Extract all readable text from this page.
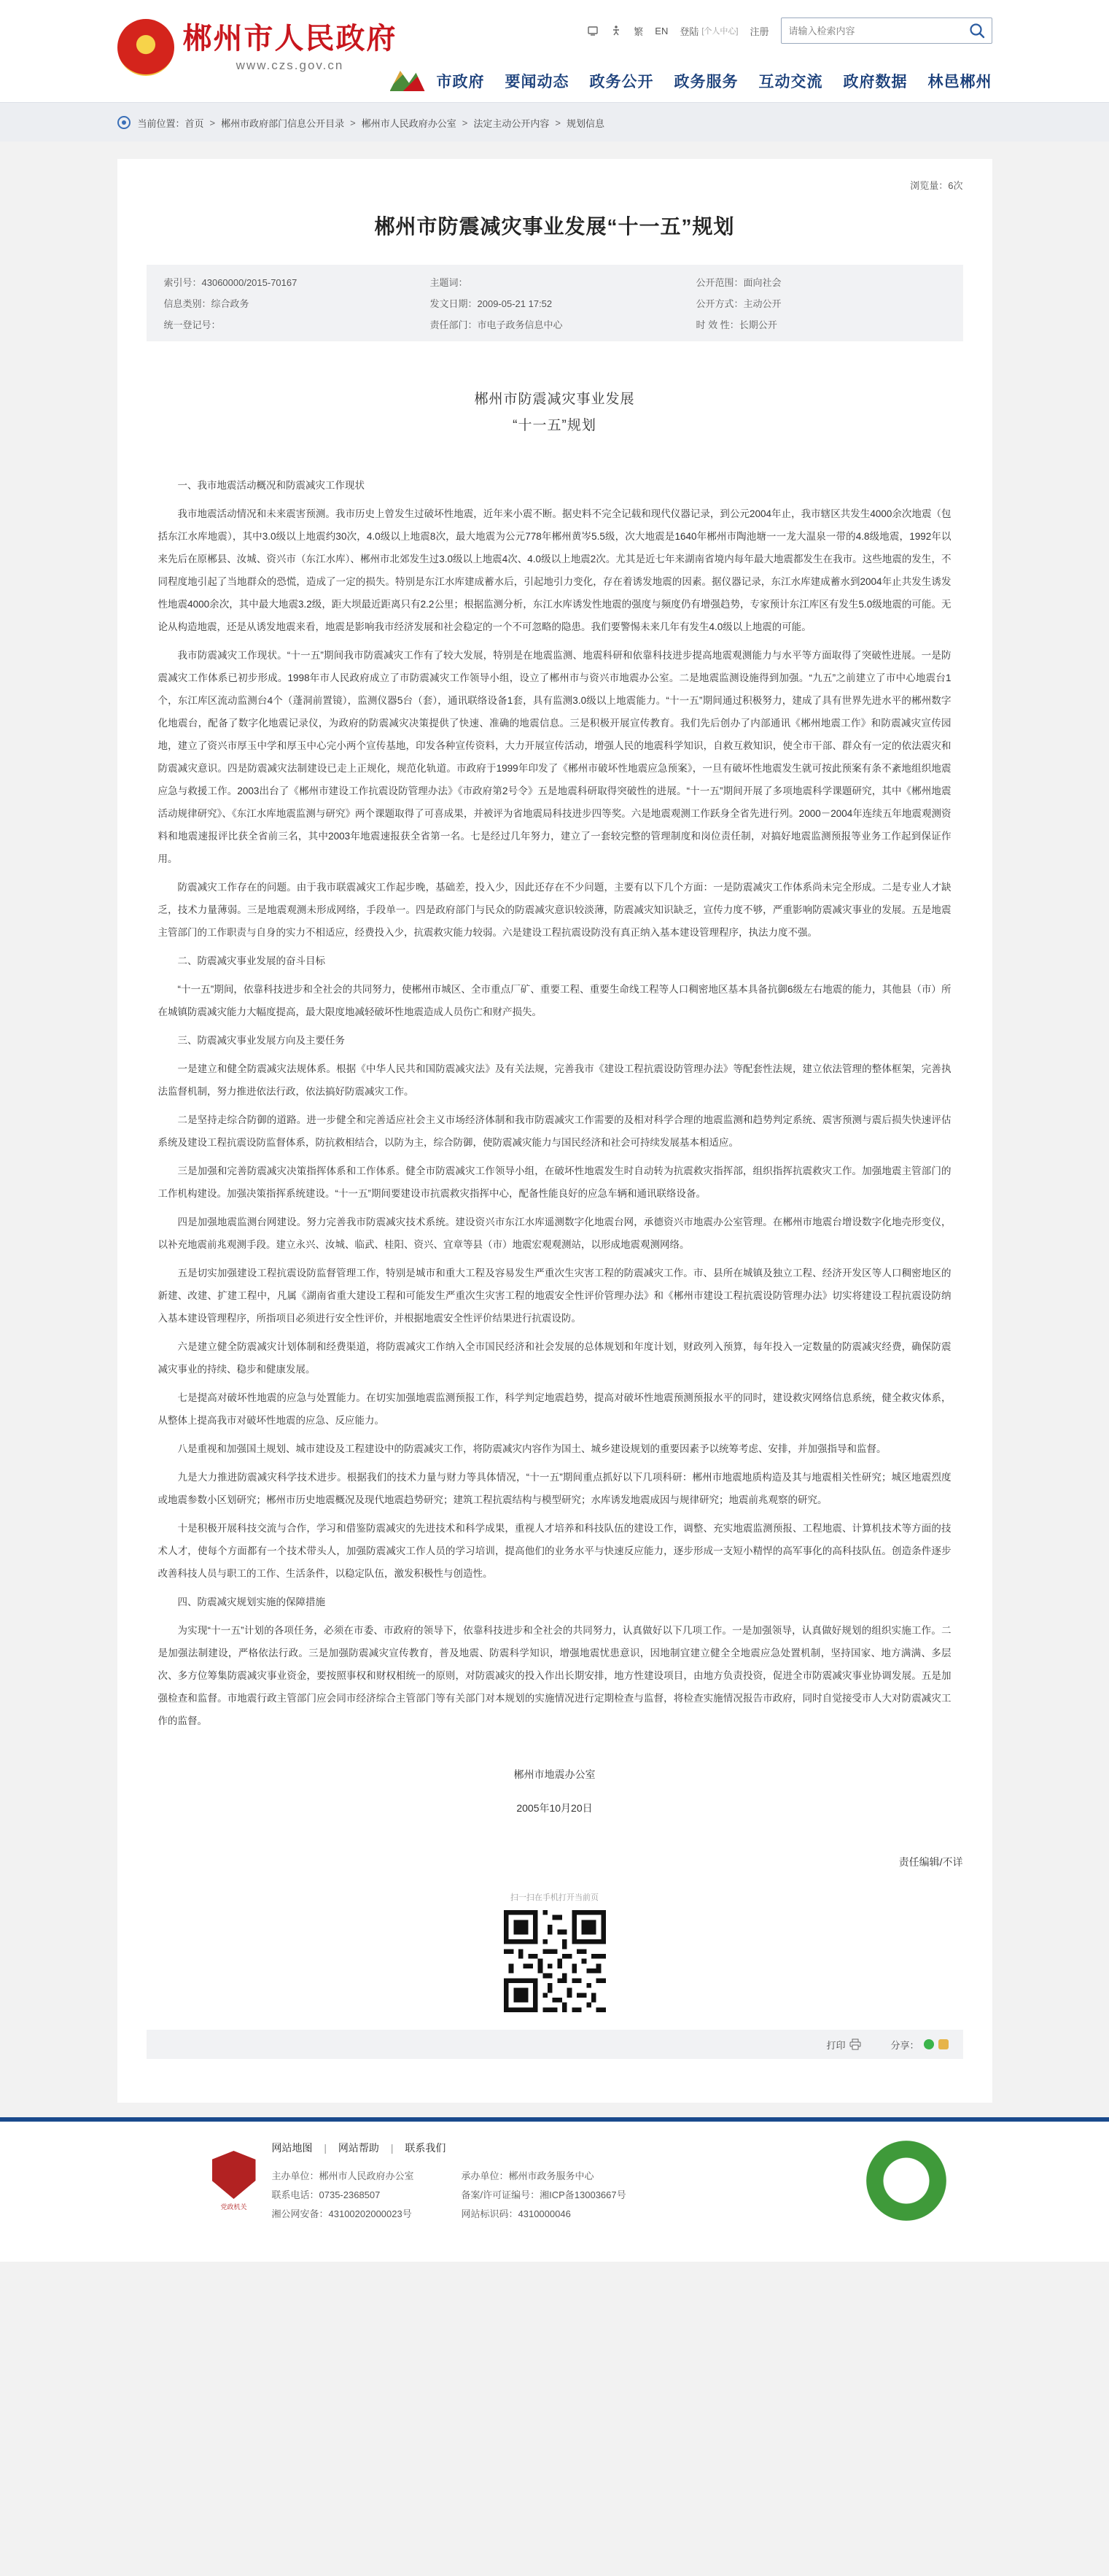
郴州市人民政府
www.czs.gov.cn
繁 EN 登陆 [个人中心] 注册
请输入检索内容
市政府 要闻动态 政务公开 政务服务 互动交流 政府数据 林邑郴州
当前位置： 首页 > 郴州市政府部门信息公开目录 > 郴州市人民政府办公室 > 法定主动公开内容 > 规划信息
浏览量：6次
郴州市防震减灾事业发展“十一五”规划
索引号：43060000/2015-70167	主题词：	公开范围：面向社会
信息类别：综合政务	发文日期：2009-05-21 17:52	公开方式：主动公开
统一登记号：	责任部门：市电子政务信息中心	时 效 性：长期公开
郴州市防震减灾事业发展
“十一五”规划

一、我市地震活动概况和防震减灾工作现状

我市地震活动情况和未来震害预测。我市历史上曾发生过破坏性地震，近年来小震不断。据史料不完全记载和现代仪器记录，到公元2004年止，我市辖区共发生4000余次地震（包括东江水库地震），其中3.0级以上地震约30次，4.0级以上地震8次，最大地震为公元778年郴州黄岑5.5级，次大地震是1640年郴州市陶池塘一一龙大温泉一带的4.8级地震，1992年以来先后在原郴县、汝城、资兴市（东江水库）、郴州市北郊发生过3.0级以上地震4次、4.0级以上地震2次。尤其是近七年来湖南省境内每年最大地震都发生在我市。这些地震的发生，不同程度地引起了当地群众的恐慌，造成了一定的损失。特别是东江水库建成蓄水后，引起地引力变化，存在着诱发地震的因素。据仪器记录，东江水库建成蓄水到2004年止共发生诱发性地震4000余次，其中最大地震3.2级，距大坝最近距离只有2.2公里；根据监测分析，东江水库诱发性地震的强度与频度仍有增强趋势，专家预计东江库区有发生5.0级地震的可能。无论从构造地震，还是从诱发地震来看，地震是影响我市经济发展和社会稳定的一个不可忽略的隐患。我们要警惕未来几年有发生4.0级以上地震的可能。

我市防震减灾工作现状。“十一五”期间我市防震减灾工作有了较大发展，特别是在地震监测、地震科研和依靠科技进步提高地震观测能力与水平等方面取得了突破性进展。一是防震减灾工作体系已初步形成。1998年市人民政府成立了市防震减灾工作领导小组，设立了郴州市与资兴市地震办公室。二是地震监测设施得到加强。“九五”之前建立了市中心地震台1个，东江库区流动监测台4个（蓬洞前置镜），监测仪器5台（套），通讯联络设备1套，具有监测3.0级以上地震能力。“十一五”期间通过积极努力，建成了具有世界先进水平的郴州数字化地震台，配备了数字化地震记录仪，为政府的防震减灾决策提供了快速、准确的地震信息。三是积极开展宣传教育。我们先后创办了内部通讯《郴州地震工作》和防震减灾宣传园地，建立了资兴市厚玉中学和厚玉中心完小两个宣传基地，印发各种宣传资料，大力开展宣传活动，增强人民的地震科学知识，自救互救知识，使全市干部、群众有一定的依法震灾和防震减灾意识。四是防震减灾法制建设已走上正规化，规范化轨道。市政府于1999年印发了《郴州市破坏性地震应急预案》，一旦有破坏性地震发生就可按此预案有条不紊地组织地震应急与救援工作。2003出台了《郴州市建设工作抗震设防管理办法》《市政府第2号令》五是地震科研取得突破性的进展。“十一五”期间开展了多项地震科学课题研究，其中《郴州地震活动规律研究》、《东江水库地震监测与研究》两个课题取得了可喜成果，并被评为省地震局科技进步四等奖。六是地震观测工作跃身全省先进行列。2000－2004年连续五年地震观测资料和地震速报评比获全省前三名，其中2003年地震速报获全省第一名。七是经过几年努力，建立了一套较完整的管理制度和岗位责任制，对搞好地震监测预报等业务工作起到保证作用。

防震减灾工作存在的问题。由于我市联震减灾工作起步晚，基础差，投入少，因此还存在不少问题，主要有以下几个方面：一是防震减灾工作体系尚未完全形成。二是专业人才缺乏，技术力量薄弱。三是地震观测未形成网络，手段单一。四是政府部门与民众的防震减灾意识较淡薄，防震减灾知识缺乏，宣传力度不够，严重影响防震减灾事业的发展。五是地震主管部门的工作职责与自身的实力不相适应，经费投入少，抗震救灾能力较弱。六是建设工程抗震设防没有真正纳入基本建设管理程序，执法力度不强。

二、防震减灾事业发展的奋斗目标

“十一五”期间，依靠科技进步和全社会的共同努力，使郴州市城区、全市重点厂矿、重要工程、重要生命线工程等人口稠密地区基本具备抗御6级左右地震的能力，其他县（市）所在城镇防震减灾能力大幅度提高，最大限度地减轻破坏性地震造成人员伤亡和财产损失。

三、防震减灾事业发展方向及主要任务

一是建立和健全防震减灾法规体系。根据《中华人民共和国防震减灾法》及有关法规，完善我市《建设工程抗震设防管理办法》等配套性法规，建立依法管理的整体框架，完善执法监督机制，努力推进依法行政，依法搞好防震减灾工作。

二是坚持走综合防御的道路。进一步健全和完善适应社会主义市场经济体制和我市防震减灾工作需要的及相对科学合理的地震监测和趋势判定系统、震害预测与震后损失快速评估系统及建设工程抗震设防监督体系，防抗救相结合，以防为主，综合防御，使防震减灾能力与国民经济和社会可持续发展基本相适应。

三是加强和完善防震减灾决策指挥体系和工作体系。健全市防震减灾工作领导小组，在破坏性地震发生时自动转为抗震救灾指挥部，组织指挥抗震救灾工作。加强地震主管部门的工作机构建设。加强决策指挥系统建设。“十一五”期间要建设市抗震救灾指挥中心，配备性能良好的应急车辆和通讯联络设备。

四是加强地震监测台网建设。努力完善我市防震减灾技术系统。建设资兴市东江水库遥测数字化地震台网，承德资兴市地震办公室管理。在郴州市地震台增设数字化地壳形变仪，以补充地震前兆观测手段。建立永兴、汝城、临武、桂阳、资兴、宜章等县（市）地震宏观观测站，以形成地震观测网络。

五是切实加强建设工程抗震设防监督管理工作，特别是城市和重大工程及容易发生严重次生灾害工程的防震减灾工作。市、县所在城镇及独立工程、经济开发区等人口稠密地区的新建、改建、扩建工程中，凡属《湖南省重大建设工程和可能发生严重次生灾害工程的地震安全性评价管理办法》和《郴州市建设工程抗震设防管理办法》切实将建设工程抗震设防纳入基本建设管理程序，所指项目必须进行安全性评价，并根据地震安全性评价结果进行抗震设防。

六是建立健全防震减灾计划体制和经费渠道，将防震减灾工作纳入全市国民经济和社会发展的总体规划和年度计划，财政列入预算，每年投入一定数量的防震减灾经费，确保防震减灾事业的持续、稳步和健康发展。

七是提高对破坏性地震的应急与处置能力。在切实加强地震监测预报工作，科学判定地震趋势，提高对破坏性地震预测预报水平的同时，建设救灾网络信息系统，健全救灾体系，从整体上提高我市对破坏性地震的应急、反应能力。

八是重视和加强国土规划、城市建设及工程建设中的防震减灾工作，将防震减灾内容作为国土、城乡建设规划的重要因素予以统筹考虑、安排，并加强指导和监督。

九是大力推进防震减灾科学技术进步。根据我们的技术力量与财力等具体情况，“十一五”期间重点抓好以下几项科研：郴州市地震地质构造及其与地震相关性研究；城区地震烈度或地震参数小区划研究；郴州市历史地震概况及现代地震趋势研究；建筑工程抗震结构与模型研究；水库诱发地震成因与规律研究；地震前兆观察的研究。

十是积极开展科技交流与合作，学习和借鉴防震减灾的先进技术和科学成果，重视人才培养和科技队伍的建设工作，调整、充实地震监测预报、工程地震、计算机技术等方面的技术人才，使每个方面都有一个技术带头人，加强防震减灾工作人员的学习培训，提高他们的业务水平与快速反应能力，逐步形成一支短小精悍的高军事化的高科技队伍。创造条件逐步改善科技人员与职工的工作、生活条件，以稳定队伍，激发积极性与创造性。

四、防震减灾规划实施的保障措施

为实现“十一五”计划的各项任务，必须在市委、市政府的领导下，依靠科技进步和全社会的共同努力，认真做好以下几项工作。一是加强领导，认真做好规划的组织实施工作。二是加强法制建设，严格依法行政。三是加强防震减灾宣传教育，普及地震、防震科学知识，增强地震忧患意识，因地制宜建立健全全地震应急处置机制，坚持国家、地方满满、多层次、多方位筹集防震减灾事业资金，要按照事权和财权相统一的原则，对防震减灾的投入作出长期安排，地方性建设项目，由地方负责投资，促进全市防震减灾事业协调发展。五是加强检查和监督。市地震行政主管部门应会同市经济综合主管部门等有关部门对本规划的实施情况进行定期检查与监督，将检查实施情况报告市政府，同时自觉接受市人大对防震减灾工作的监督。

郴州市地震办公室
2005年10月20日
责任编辑/不详
扫一扫在手机打开当前页
打印	分享：
党政机关
网站地图 | 网站帮助 | 联系我们
主办单位：郴州市人民政府办公室	承办单位：郴州市政务服务中心
联系电话：0735-2368507	备案/许可证编号：湘ICP备13003667号
湘公网安备：43100202000023号	网站标识码：4310000046
